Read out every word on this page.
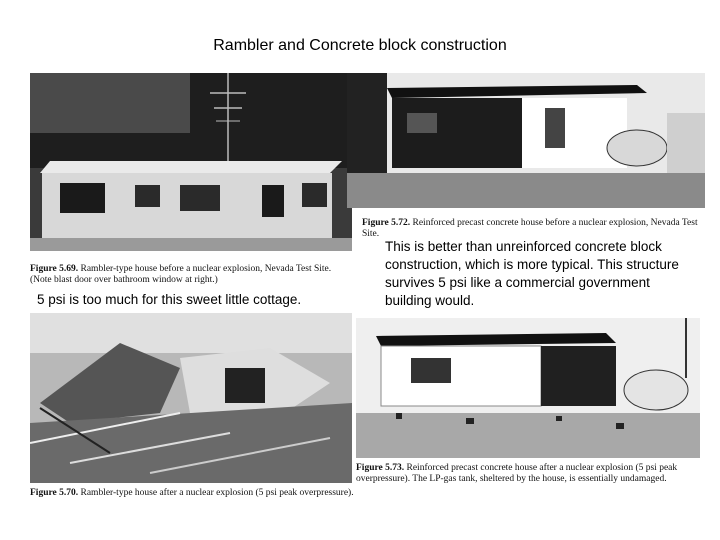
Rambler and Concrete block construction
Figure 5.69. Rambler-type house before a nuclear explosion, Nevada Test Site. (Note blast door over bathroom window at right.)
5 psi is too much for this sweet little cottage.
Figure 5.70. Rambler-type house after a nuclear explosion (5 psi peak overpressure).
Figure 5.72. Reinforced precast concrete house before a nuclear explosion, Nevada Test Site.
This is better than unreinforced concrete block construction, which is more typical. This structure survives 5 psi like a commercial government building would.
Figure 5.73. Reinforced precast concrete house after a nuclear explosion (5 psi peak overpressure). The LP-gas tank, sheltered by the house, is essentially undamaged.
